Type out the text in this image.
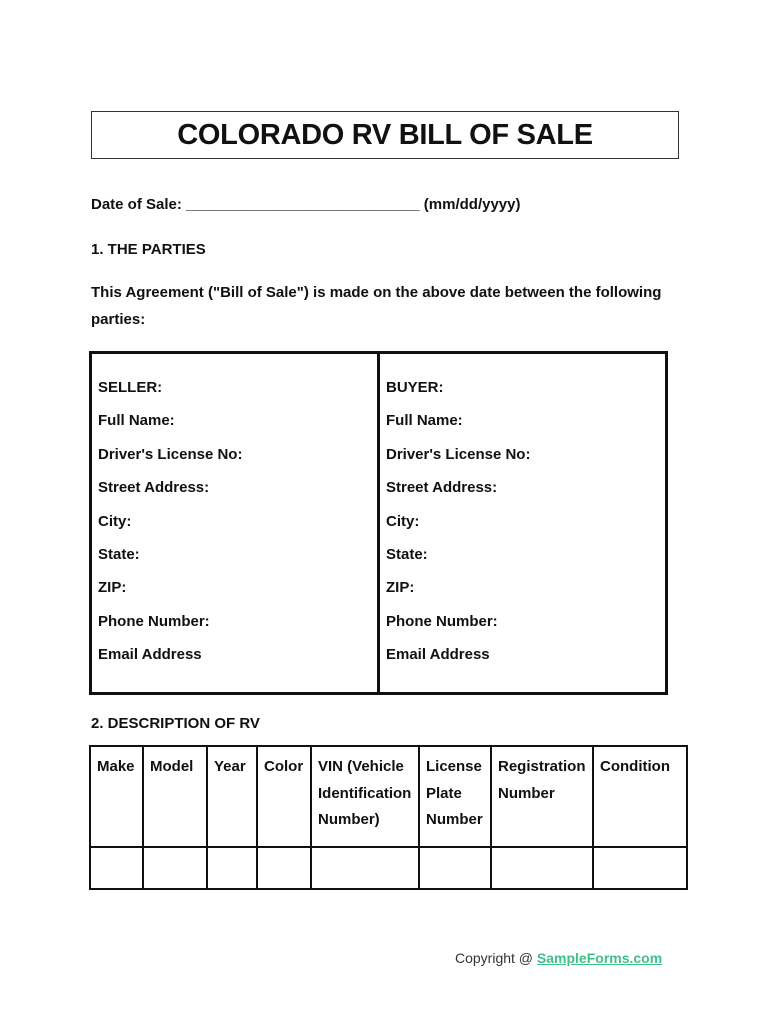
COLORADO RV BILL OF SALE
Date of Sale: ____________________________ (mm/dd/yyyy)
1. THE PARTIES
This Agreement ("Bill of Sale") is made on the above date between the following parties:
SELLER:
Full Name:
Driver's License No:
Street Address:
City:
State:
ZIP:
Phone Number:
Email Address
BUYER:
Full Name:
Driver's License No:
Street Address:
City:
State:
ZIP:
Phone Number:
Email Address
2. DESCRIPTION OF RV
Make	Model	Year	Color	VIN (Vehicle Identification Number)	License Plate Number	Registration Number	Condition

Copyright @ SampleForms.com
